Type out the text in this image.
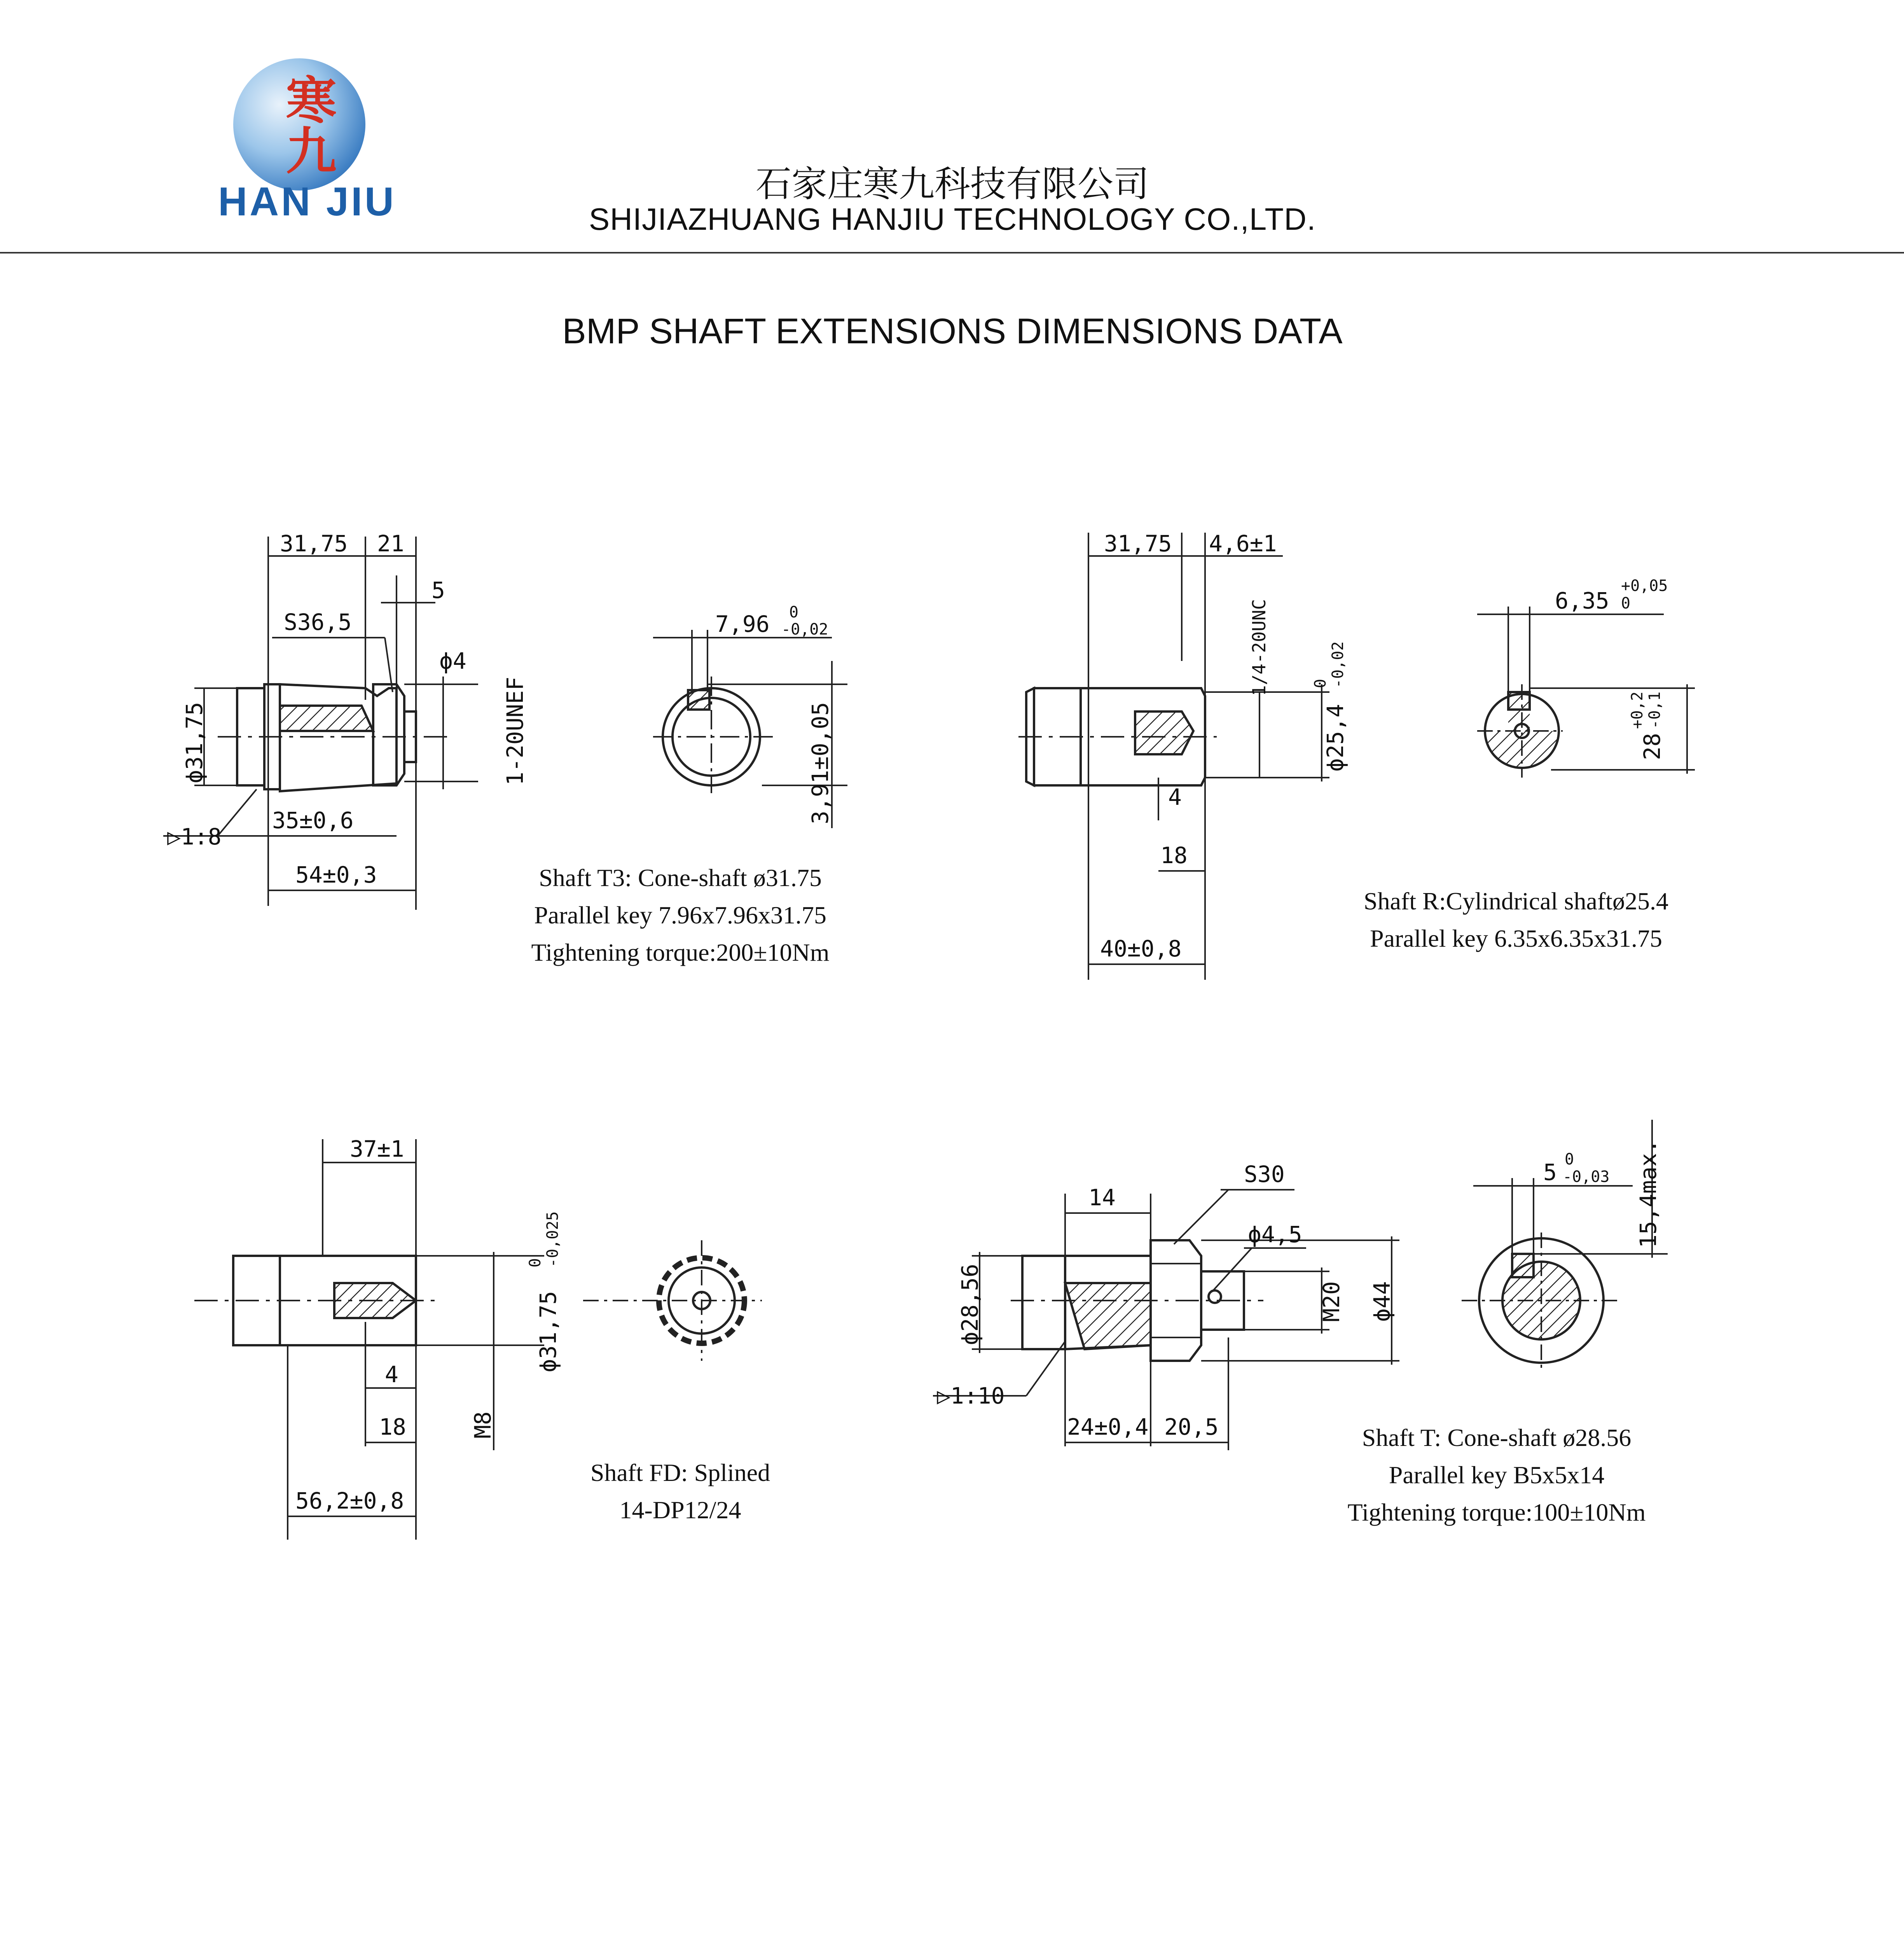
寒九
HAN JIU	石家庄寒九科技有限公司
SHIJIAZHUANG HANJIU TECHNOLOGY CO.,LTD.
BMP SHAFT EXTENSIONS DIMENSIONS DATA
31,75 21
5
S36,5
ϕ4
ϕ31,75	1-20UNEF
▷1:8
35±0,6
54±0,3
7,96 0
-0,02
3,91±0,05
31,75 4,6±1
1/4-20UNC
ϕ25,4
0 -0,02
4
18
40±0,8
6,35
+0,05
0
28
+0,2 -0,1
37±1
ϕ31,75
0 -0,025
4
18	M8
56,2±0,8
14
S30
ϕ4,5
ϕ28,56	M20 ϕ44
▷1:10
24±0,4 20,5
5 0
-0,03 15,4max.
Shaft T3: Cone-shaft ø31.75
Parallel key 7.96x7.96x31.75
Tightening torque:200±10Nm
Shaft R:Cylindrical shaftø25.4
Parallel key 6.35x6.35x31.75
Shaft FD: Splined
14-DP12/24
Shaft T: Cone-shaft ø28.56
Parallel key B5x5x14
Tightening torque:100±10Nm
